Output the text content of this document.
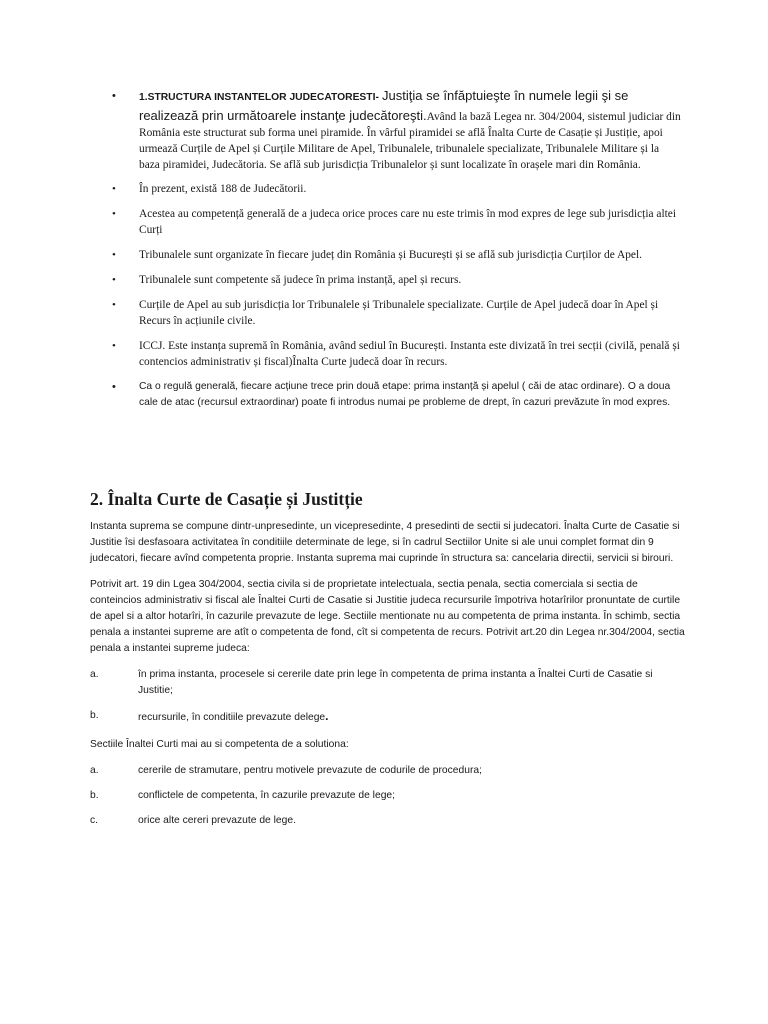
• 1.STRUCTURA INSTANTELOR JUDECATORESTI- Justiţia se înfăptuieşte în numele legii şi se realizează prin următoarele instanţe judecătoreşti.Având la bază Legea nr. 304/2004, sistemul judiciar din România este structurat sub forma unei piramide. În vârful piramidei se află Înalta Curte de Casație și Justiție, apoi urmează Curțile de Apel și Curțile Militare de Apel, Tribunalele, tribunalele specializate, Tribunalele Militare și la baza piramidei, Judecătoria. Se află sub jurisdicția Tribunalelor și sunt localizate în orașele mari din România.
• În prezent, există 188 de Judecătorii.
• Acestea au competență generală de a judeca orice proces care nu este trimis în mod expres de lege sub jurisdicția altei Curți
• Tribunalele sunt organizate în fiecare județ din România și București și se află sub jurisdicția Curților de Apel.
• Tribunalele sunt competente să judece în prima instanță, apel și recurs.
• Curțile de Apel au sub jurisdicția lor Tribunalele și Tribunalele specializate. Curțile de Apel judecă doar în Apel și Recurs în acțiunile civile.
• ICCJ. Este instanța supremă în România, având sediul în București. Instanta este divizată în trei secții (civilă, penală și contencios administrativ și fiscal)Înalta Curte judecă doar în recurs.
• Ca o regulă generală, fiecare acțiune trece prin două etape: prima instanță și apelul ( căi de atac ordinare). O a doua cale de atac (recursul extraordinar) poate fi introdus numai pe probleme de drept, în cazuri prevăzute în mod expres.
2. Înalta Curte de Casație și Justitție

Instanta suprema se compune dintr-unpresedinte, un vicepresedinte, 4 presedinti de sectii si judecatori. Înalta Curte de Casatie si Justitie îsi desfasoara activitatea în conditiile determinate de lege, si în cadrul Sectiilor Unite si ale unui complet format din 9 judecatori, fiecare avînd competenta proprie. Instanta suprema mai cuprinde în structura sa: cancelaria directii, servicii si birouri.

Potrivit art. 19 din Lgea 304/2004, sectia civila si de proprietate intelectuala, sectia penala, sectia comerciala si sectia de conteincios administrativ si fiscal ale Înaltei Curti de Casatie si Justitie judeca recursurile împotriva hotarîrilor pronuntate de curtile de apel si a altor hotarîri, în cazurile prevazute de lege. Sectiile mentionate nu au competenta de prima instanta. În schimb, sectia penala a instantei supreme are atît o competenta de fond, cît si competenta de recurs. Potrivit art.20 din Legea nr.304/2004, sectia penala a instantei supreme judeca:

a.	în prima instanta, procesele si cererile date prin lege în competenta de prima instanta a Înaltei Curti de Casatie si Justitie;
b.	recursurile, în conditiile prevazute delege.

Sectiile Înaltei Curti mai au si competenta de a solutiona:

a.	cererile de stramutare, pentru motivele prevazute de codurile de procedura;
b.	conflictele de competenta, în cazurile prevazute de lege;
c.	orice alte cereri prevazute de lege.
